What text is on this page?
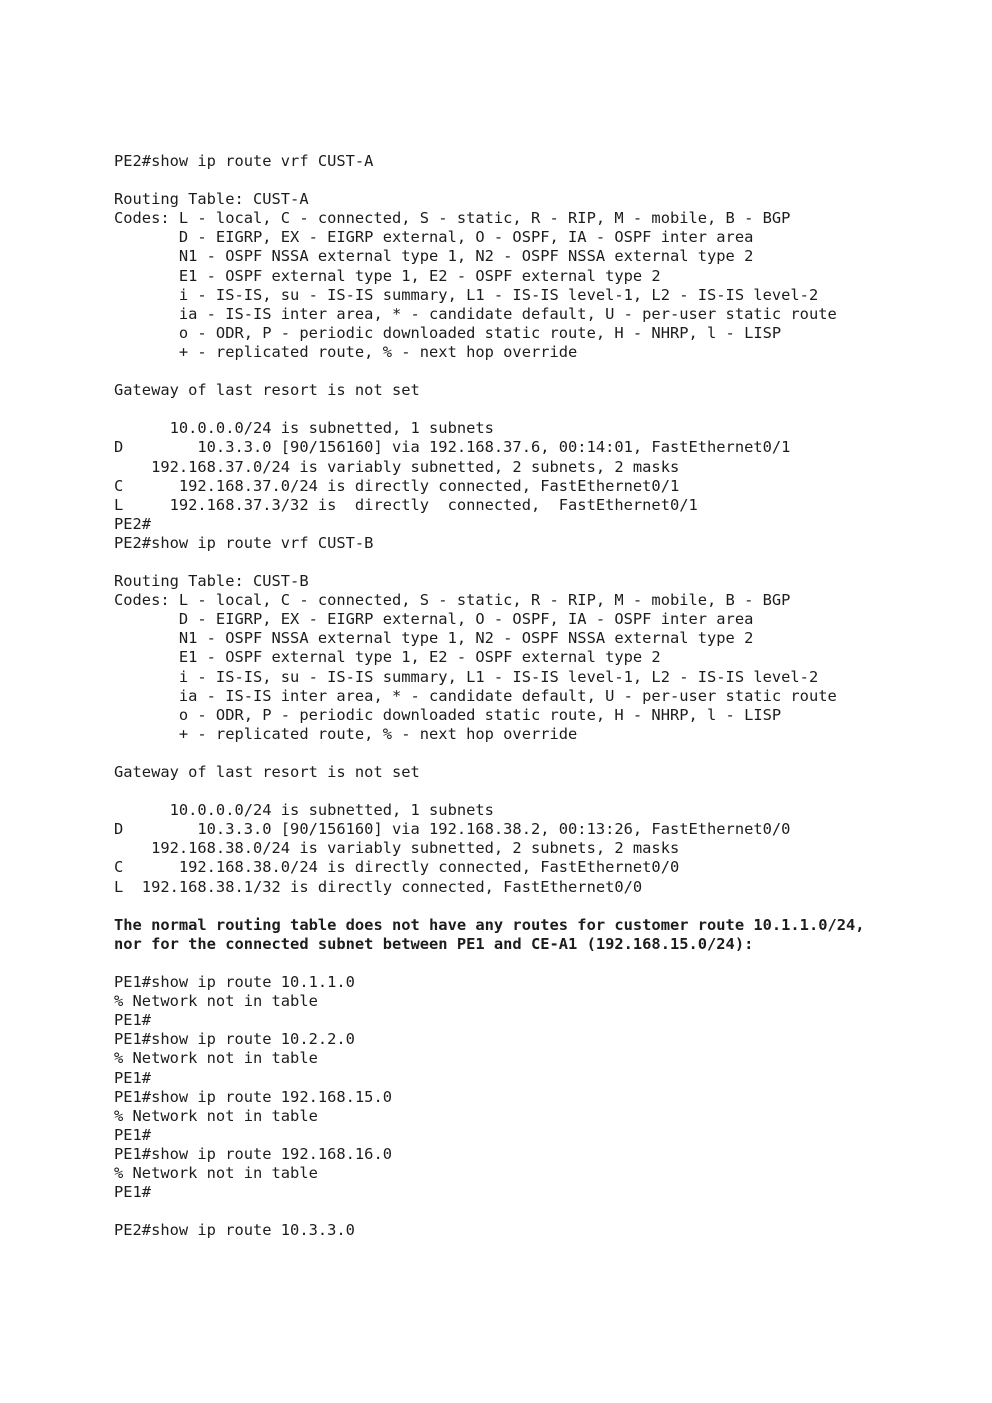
PE2#show ip route vrf CUST-A
Routing Table: CUST-A
Codes: L - local, C - connected, S - static, R - RIP, M - mobile, B - BGP
D - EIGRP, EX - EIGRP external, O - OSPF, IA - OSPF inter area
N1 - OSPF NSSA external type 1, N2 - OSPF NSSA external type 2
E1 - OSPF external type 1, E2 - OSPF external type 2
i - IS-IS, su - IS-IS summary, L1 - IS-IS level-1, L2 - IS-IS level-2
ia - IS-IS inter area, * - candidate default, U - per-user static route
o - ODR, P - periodic downloaded static route, H - NHRP, l - LISP
+ - replicated route, % - next hop override
Gateway of last resort is not set
10.0.0.0/24 is subnetted, 1 subnets
D        10.3.3.0 [90/156160] via 192.168.37.6, 00:14:01, FastEthernet0/1
192.168.37.0/24 is variably subnetted, 2 subnets, 2 masks
C      192.168.37.0/24 is directly connected, FastEthernet0/1
L     192.168.37.3/32 is  directly  connected,  FastEthernet0/1
PE2#
PE2#show ip route vrf CUST-B
Routing Table: CUST-B
Codes: L - local, C - connected, S - static, R - RIP, M - mobile, B - BGP
D - EIGRP, EX - EIGRP external, O - OSPF, IA - OSPF inter area
N1 - OSPF NSSA external type 1, N2 - OSPF NSSA external type 2
E1 - OSPF external type 1, E2 - OSPF external type 2
i - IS-IS, su - IS-IS summary, L1 - IS-IS level-1, L2 - IS-IS level-2
ia - IS-IS inter area, * - candidate default, U - per-user static route
o - ODR, P - periodic downloaded static route, H - NHRP, l - LISP
+ - replicated route, % - next hop override
Gateway of last resort is not set
10.0.0.0/24 is subnetted, 1 subnets
D        10.3.3.0 [90/156160] via 192.168.38.2, 00:13:26, FastEthernet0/0
192.168.38.0/24 is variably subnetted, 2 subnets, 2 masks
C      192.168.38.0/24 is directly connected, FastEthernet0/0
L  192.168.38.1/32 is directly connected, FastEthernet0/0
The normal routing table does not have any routes for customer route 10.1.1.0/24,
nor for the connected subnet between PE1 and CE-A1 (192.168.15.0/24):
PE1#show ip route 10.1.1.0
% Network not in table
PE1#
PE1#show ip route 10.2.2.0
% Network not in table
PE1#
PE1#show ip route 192.168.15.0
% Network not in table
PE1#
PE1#show ip route 192.168.16.0
% Network not in table
PE1#
PE2#show ip route 10.3.3.0
